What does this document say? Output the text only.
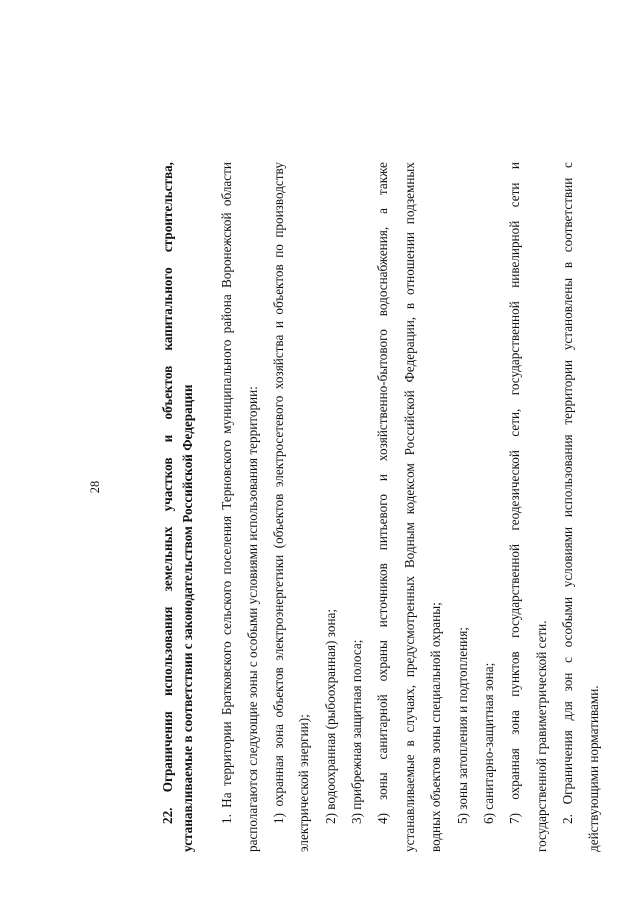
28
22.
Ограничения
использования
земельных
участков
и
объектов
капитального
строительства,
устанавливаемые в соответствии с законодательством Российской Федерации 1.
На
территории
Братковского
сельского
поселения
Терновского
муниципального
района
Воронежской
области
располагаются следующие зоны с особыми условиями использования территории: 1)
охранная
зона
объектов
электроэнергетики
(объектов
электросетевого
хозяйства
и
объектов
по
производству
электрической энергии); 2) водоохранная (рыбоохранная) зона; 3) прибрежная защитная полоса; 4)
зоны
санитарной
охраны
источников
питьевого
и
хозяйственно-бытового
водоснабжения,
а
также
устанавливаемые
в
случаях,
предусмотренных
Водным
кодексом
Российской
Федерации,
в
отношении
подземных
водных объектов зоны специальной охраны; 5) зоны затопления и подтопления; 6) санитарно-защитная зона; 7)
охранная
зона
пунктов
государственной
геодезической
сети,
государственной
нивелирной
сети
и
государственной гравиметрической сети. 2.
Ограничения
для
зон
с
особыми
условиями
использования
территории
установлены
в
соответствии
с
действующими нормативами.
